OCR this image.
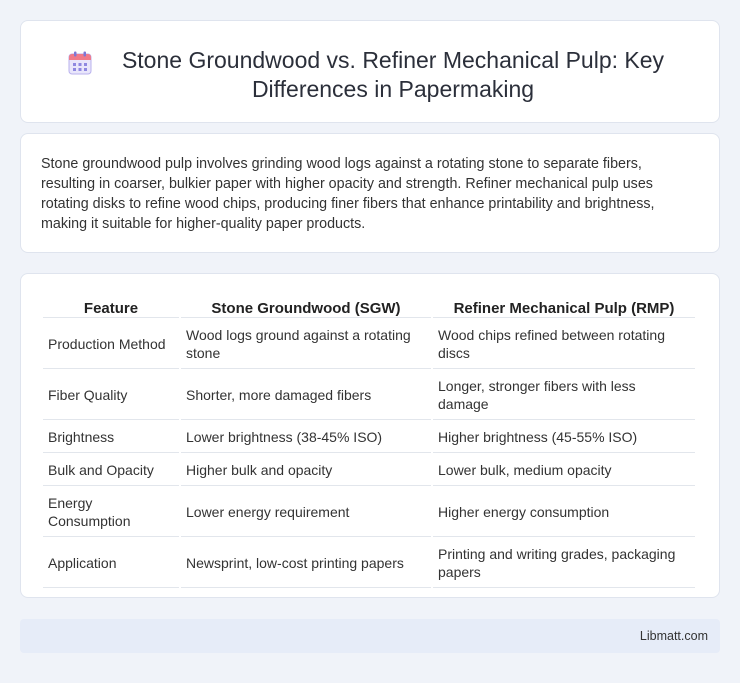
Stone Groundwood vs. Refiner Mechanical Pulp: Key Differences in Papermaking

Stone groundwood pulp involves grinding wood logs against a rotating stone to separate fibers, resulting in coarser, bulkier paper with higher opacity and strength. Refiner mechanical pulp uses rotating disks to refine wood chips, producing finer fibers that enhance printability and brightness, making it suitable for higher-quality paper products.

Feature	Stone Groundwood (SGW)	Refiner Mechanical Pulp (RMP)
Production Method	Wood logs ground against a rotating stone	Wood chips refined between rotating discs
Fiber Quality	Shorter, more damaged fibers	Longer, stronger fibers with less damage
Brightness	Lower brightness (38-45% ISO)	Higher brightness (45-55% ISO)
Bulk and Opacity	Higher bulk and opacity	Lower bulk, medium opacity
Energy Consumption	Lower energy requirement	Higher energy consumption
Application	Newsprint, low-cost printing papers	Printing and writing grades, packaging papers
Libmatt.com
